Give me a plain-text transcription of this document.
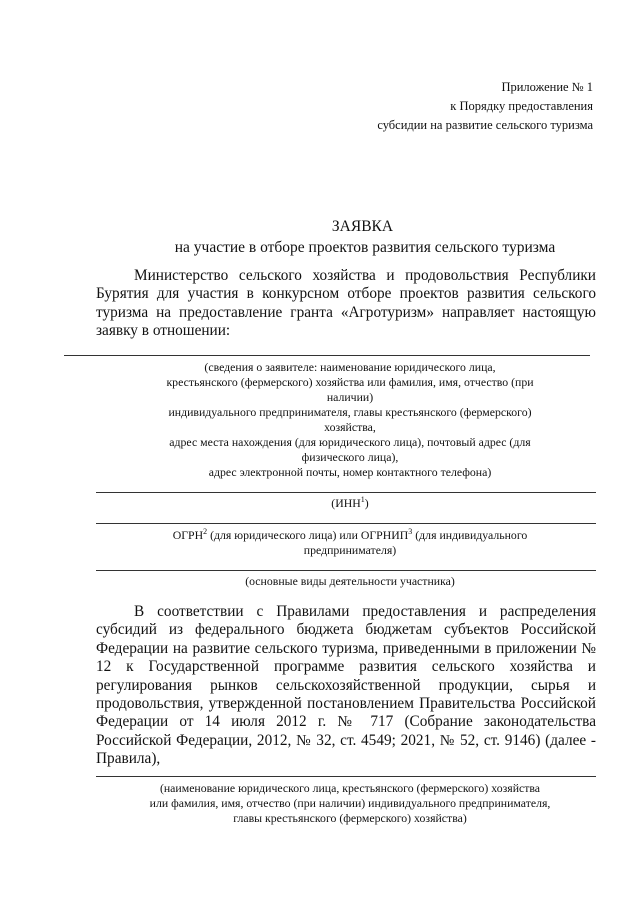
Приложение № 1
к Порядку предоставления
субсидии на развитие сельского туризма
ЗАЯВКА
на участие в отборе проектов развития сельского туризма
Министерство сельского хозяйства и продовольствия Республики Бурятия для участия в конкурсном отборе проектов развития сельского туризма на предоставление гранта «Агротуризм» направляет настоящую заявку в отношении:
(сведения о заявителе: наименование юридического лица,
крестьянского (фермерского) хозяйства или фамилия, имя, отчество (при
наличии)
индивидуального предпринимателя, главы крестьянского (фермерского)
хозяйства,
адрес места нахождения (для юридического лица), почтовый адрес (для
физического лица),
адрес электронной почты, номер контактного телефона)
(ИНН$^1$)
ОГРН$^2$ (для юридического лица) или ОГРНИП$^3$ (для индивидуального
предпринимателя)
(основные виды деятельности участника)
В соответствии с Правилами предоставления и распределения субсидий из федерального бюджета бюджетам субъектов Российской Федерации на развитие сельского туризма, приведенными в приложении № 12 к Государственной программе развития сельского хозяйства и регулирования рынков сельскохозяйственной продукции, сырья и продовольствия, утвержденной постановлением Правительства Российской Федерации от 14 июля 2012 г. № 717 (Собрание законодательства Российской Федерации, 2012, № 32, ст. 4549; 2021, № 52, ст. 9146) (далее - Правила),
(наименование юридического лица, крестьянского (фермерского) хозяйства
или фамилия, имя, отчество (при наличии) индивидуального предпринимателя,
главы крестьянского (фермерского) хозяйства)
